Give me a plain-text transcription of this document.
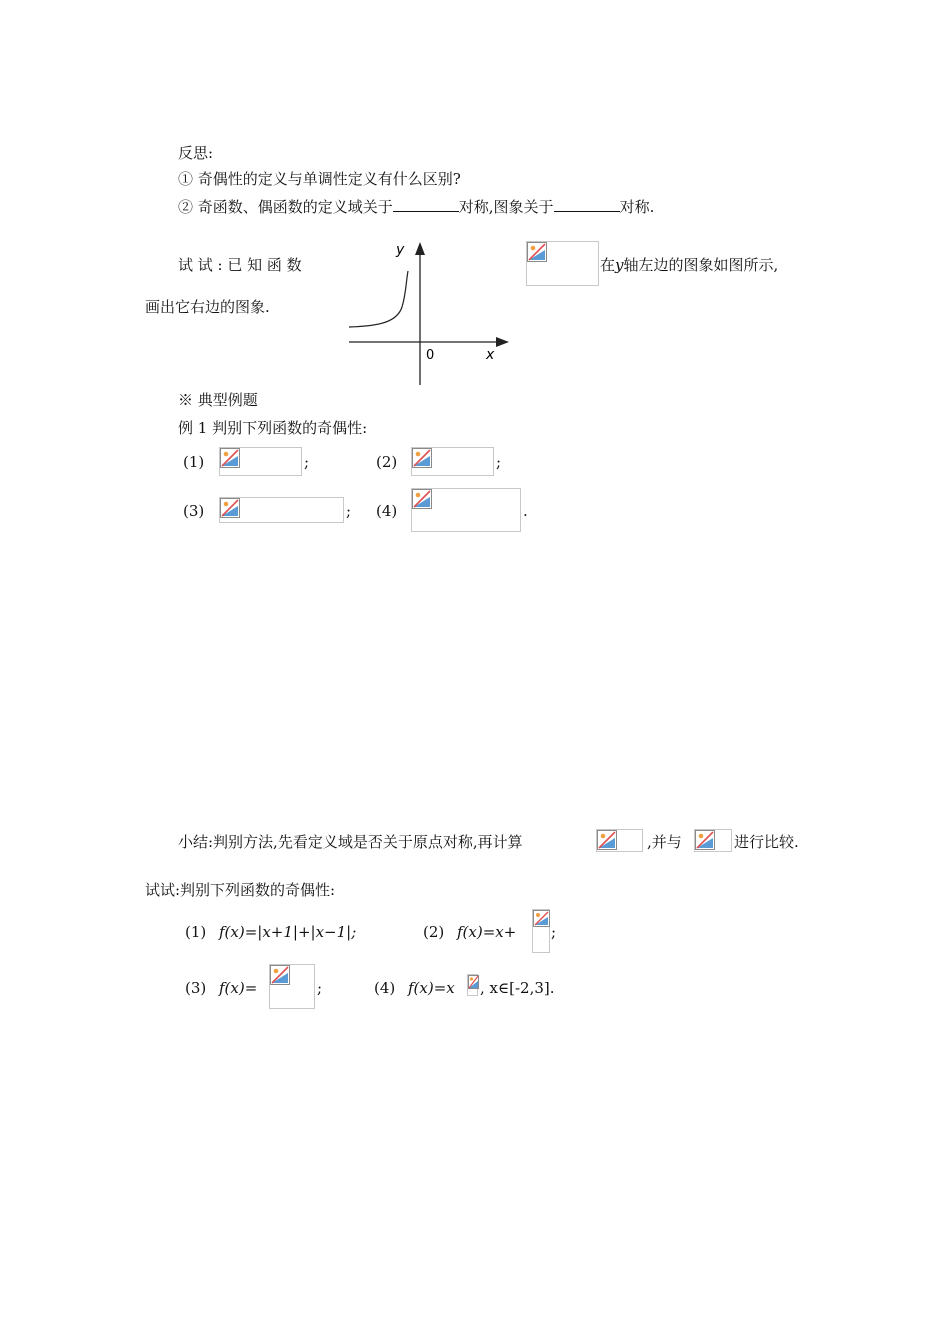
反思:
① 奇偶性的定义与单调性定义有什么区别?
② 奇函数、偶函数的定义域关于	对称,图象关于	对称.
试 试 : 已 知 函 数
y
x
0
在y轴左边的图象如图所示,
画出它右边的图象.
※ 典型例题
例 1 判别下列函数的奇偶性:
(1)	;	(2)	;
(3)	; (4)	.
小结:判别方法,先看定义域是否关于原点对称,再计算	,并与	进行比较.
试试:判别下列函数的奇偶性:
(1) f(x)=|x+1|+|x−1|;	(2) f(x)=x+ ;
(3) f(x)=	;	(4) f(x)=x , x∈[-2,3].
